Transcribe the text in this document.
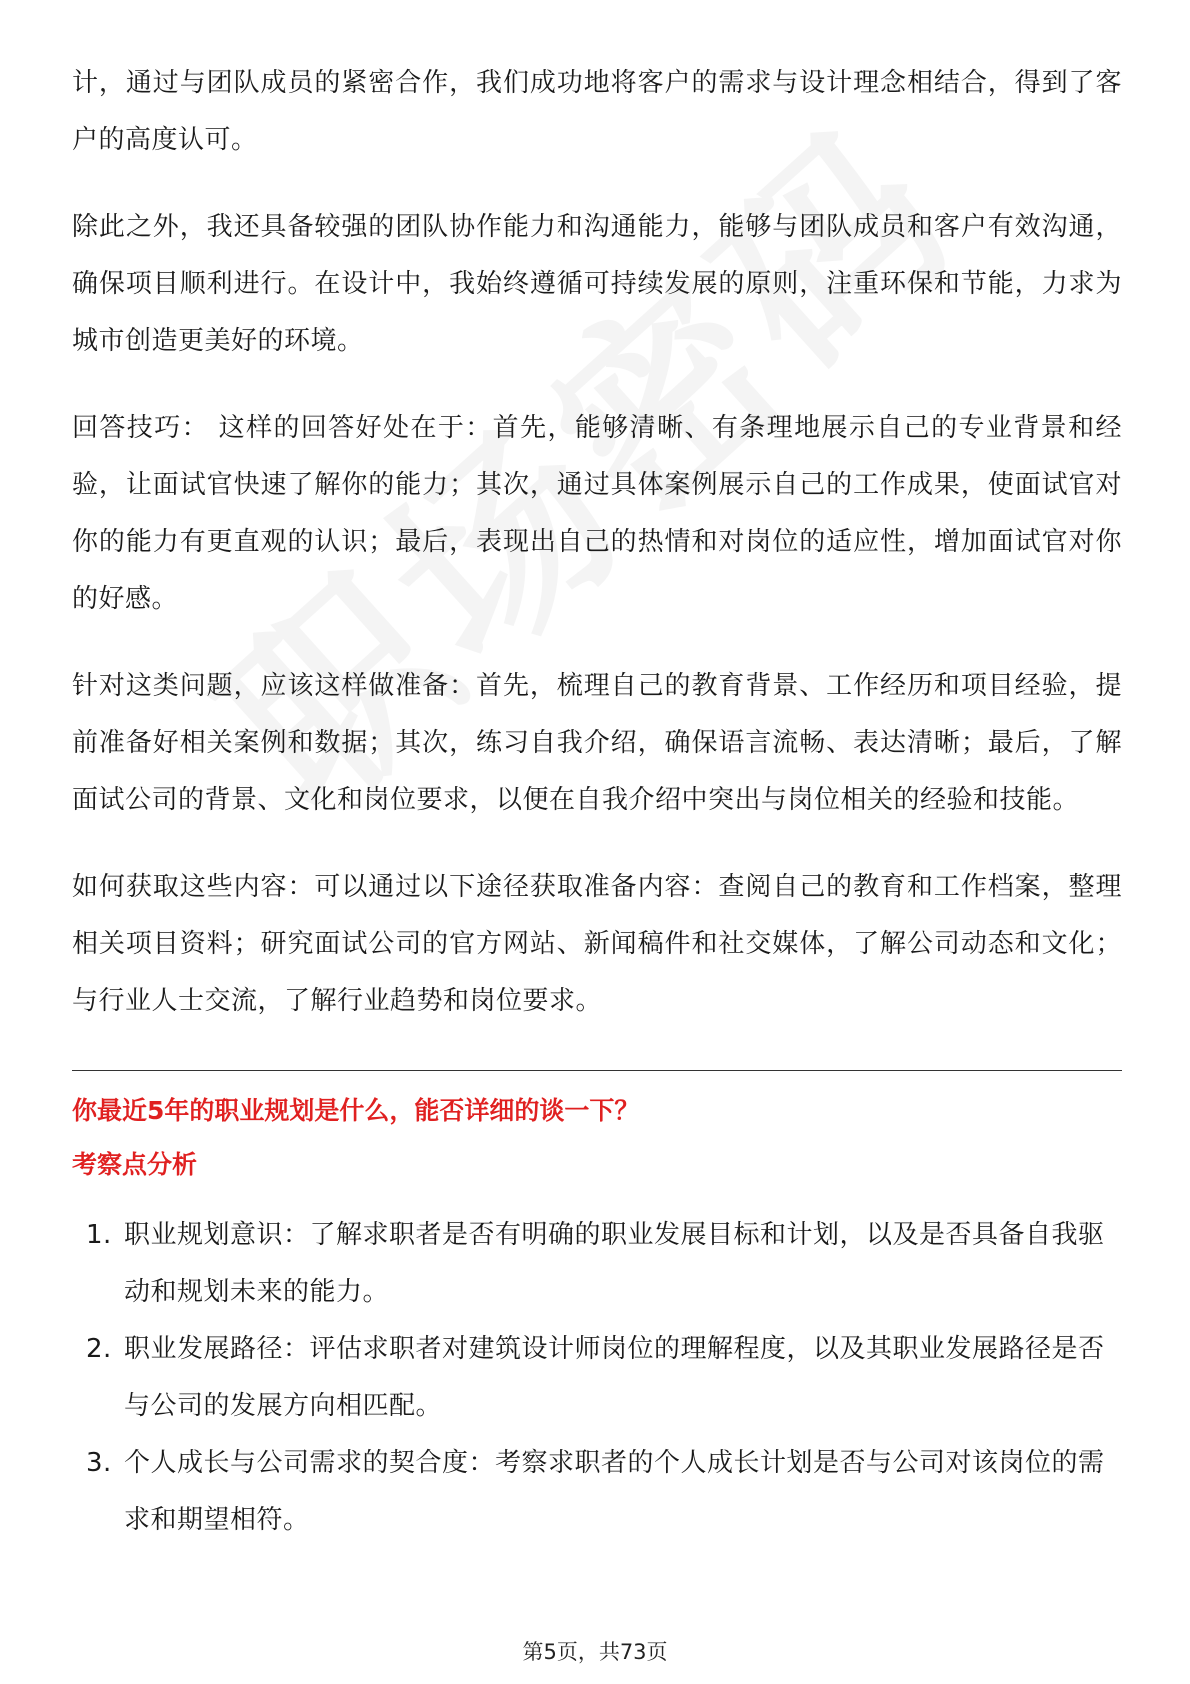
计，通过与团队成员的紧密合作，我们成功地将客户的需求与设计理念相结合，得到了客户的高度认可。

除此之外，我还具备较强的团队协作能力和沟通能力，能够与团队成员和客户有效沟通，确保项目顺利进行。在设计中，我始终遵循可持续发展的原则，注重环保和节能，力求为城市创造更美好的环境。

回答技巧： 这样的回答好处在于：首先，能够清晰、有条理地展示自己的专业背景和经验，让面试官快速了解你的能力；其次，通过具体案例展示自己的工作成果，使面试官对你的能力有更直观的认识；最后，表现出自己的热情和对岗位的适应性，增加面试官对你的好感。

针对这类问题，应该这样做准备：首先，梳理自己的教育背景、工作经历和项目经验，提前准备好相关案例和数据；其次，练习自我介绍，确保语言流畅、表达清晰；最后，了解面试公司的背景、文化和岗位要求，以便在自我介绍中突出与岗位相关的经验和技能。

如何获取这些内容：可以通过以下途径获取准备内容：查阅自己的教育和工作档案，整理相关项目资料；研究面试公司的官方网站、新闻稿件和社交媒体，了解公司动态和文化；与行业人士交流，了解行业趋势和岗位要求。

你最近5年的职业规划是什么，能否详细的谈一下？

考察点分析

1. 职业规划意识：了解求职者是否有明确的职业发展目标和计划，以及是否具备自我驱动和规划未来的能力。
2. 职业发展路径：评估求职者对建筑设计师岗位的理解程度，以及其职业发展路径是否与公司的发展方向相匹配。
3. 个人成长与公司需求的契合度：考察求职者的个人成长计划是否与公司对该岗位的需求和期望相符。
第5页，共73页
